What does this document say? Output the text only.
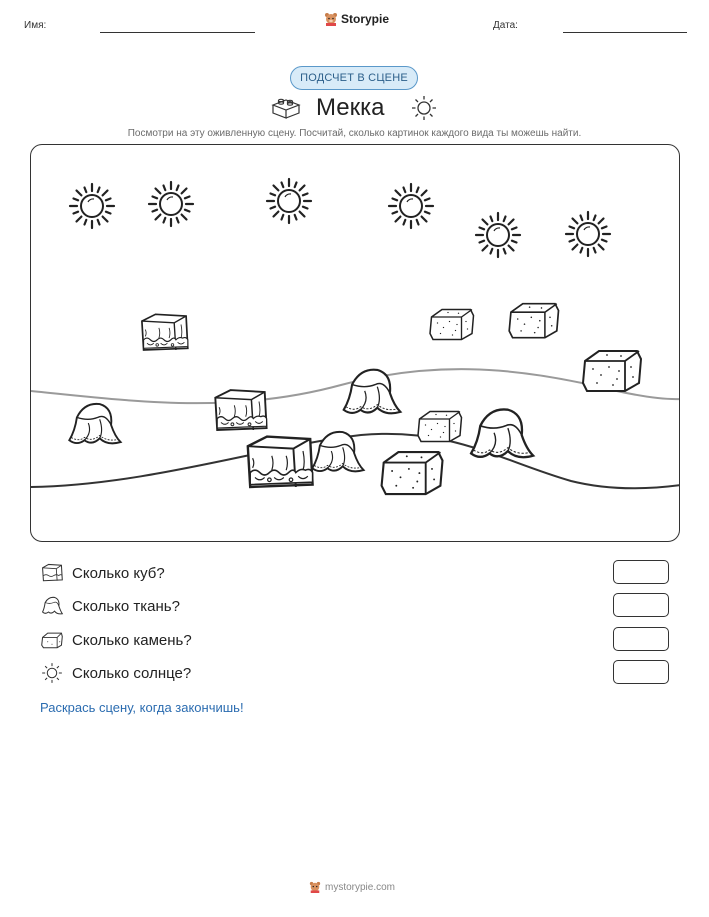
Имя:	Storypie	Дата:
ПОДСЧЕТ В СЦЕНЕ
Мекка
Посмотри на эту оживленную сцену. Посчитай, сколько картинок каждого вида ты можешь найти.
Сколько куб?
Сколько ткань?
Сколько камень?
Сколько солнце?
Раскрась сцену, когда закончишь!
mystorypie.com
